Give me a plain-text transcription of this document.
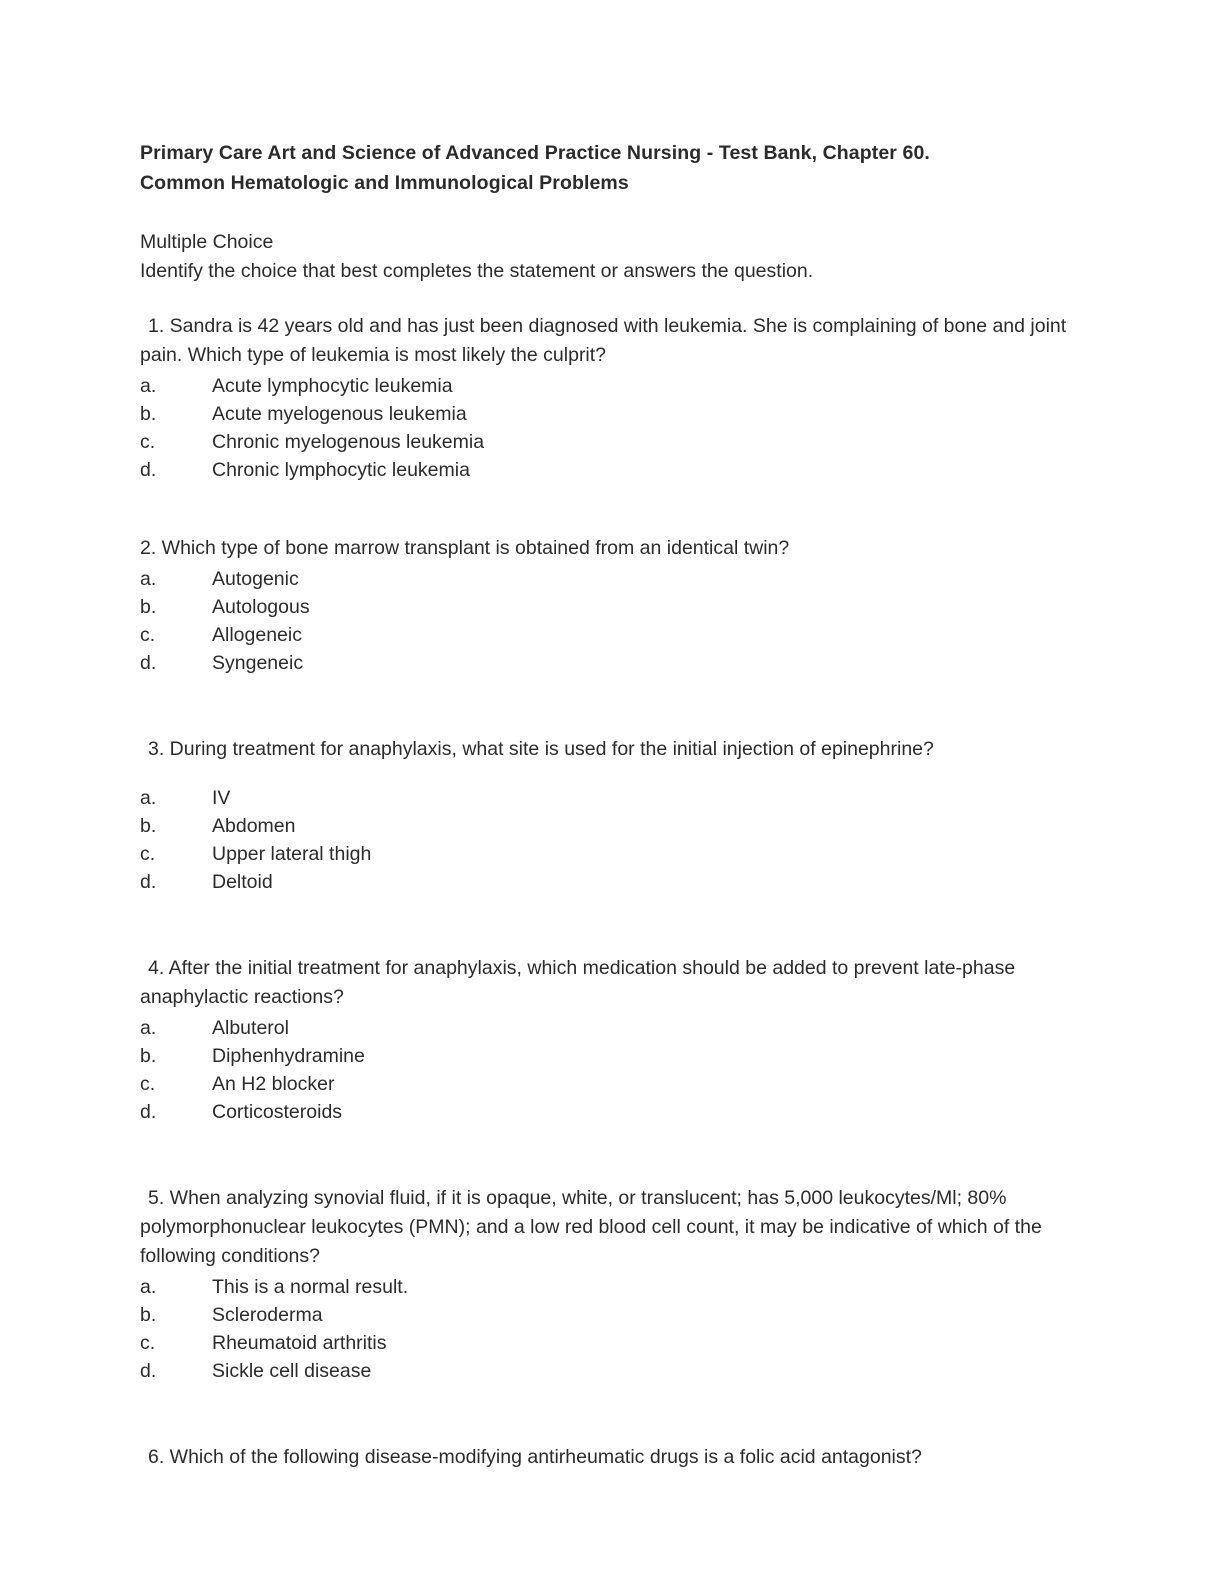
Primary Care Art and Science of Advanced Practice Nursing - Test Bank, Chapter 60. Common Hematologic and Immunological Problems
Multiple Choice
Identify the choice that best completes the statement or answers the question.
1. Sandra is 42 years old and has just been diagnosed with leukemia. She is complaining of bone and joint pain. Which type of leukemia is most likely the culprit?
a.	Acute lymphocytic leukemia
b.	Acute myelogenous leukemia
c.	Chronic myelogenous leukemia
d.	Chronic lymphocytic leukemia
2. Which type of bone marrow transplant is obtained from an identical twin?
a.	Autogenic
b.	Autologous
c.	Allogeneic
d.	Syngeneic
3. During treatment for anaphylaxis, what site is used for the initial injection of epinephrine?
a.	IV
b.	Abdomen
c.	Upper lateral thigh
d.	Deltoid
4. After the initial treatment for anaphylaxis, which medication should be added to prevent late-phase anaphylactic reactions?
a.	Albuterol
b.	Diphenhydramine
c.	An H2 blocker
d.	Corticosteroids
5. When analyzing synovial fluid, if it is opaque, white, or translucent; has 5,000 leukocytes/Ml; 80% polymorphonuclear leukocytes (PMN); and a low red blood cell count, it may be indicative of which of the following conditions?
a.	This is a normal result.
b.	Scleroderma
c.	Rheumatoid arthritis
d.	Sickle cell disease
6. Which of the following disease-modifying antirheumatic drugs is a folic acid antagonist?
